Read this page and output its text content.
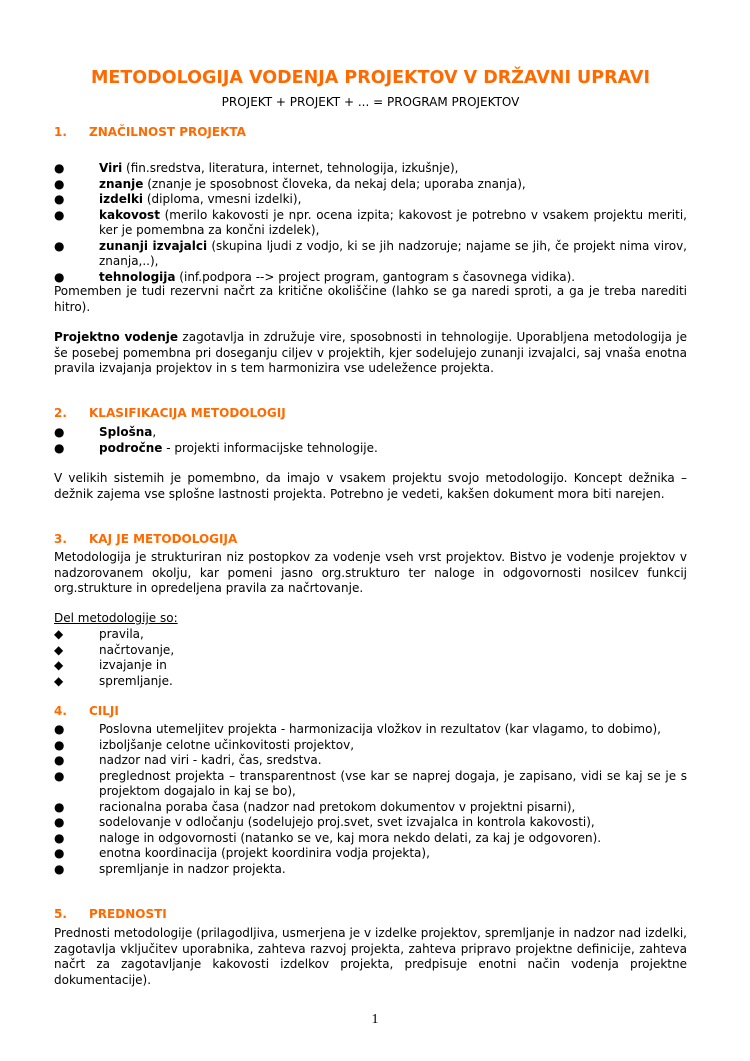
METODOLOGIJA VODENJA PROJEKTOV V DRŽAVNI UPRAVI
PROJEKT + PROJEKT + ... = PROGRAM PROJEKTOV
1. ZNAČILNOST PROJEKTA
●	Viri (fin.sredstva, literatura, internet, tehnologija, izkušnje),
●	znanje (znanje je sposobnost človeka, da nekaj dela; uporaba znanja),
●	izdelki (diploma, vmesni izdelki),
●	kakovost (merilo kakovosti je npr. ocena izpita; kakovost je potrebno v vsakem projektu meriti, ker je pomembna za končni izdelek),
●	zunanji izvajalci (skupina ljudi z vodjo, ki se jih nadzoruje; najame se jih, če projekt nima virov, znanja,..),
●	tehnologija (inf.podpora --> project program, gantogram s časovnega vidika).

Pomemben je tudi rezervni načrt za kritične okoliščine (lahko se ga naredi sproti, a ga je treba narediti hitro).

Projektno vodenje zagotavlja in združuje vire, sposobnosti in tehnologije. Uporabljena metodologija je še posebej pomembna pri doseganju ciljev v projektih, kjer sodelujejo zunanji izvajalci, saj vnaša enotna pravila izvajanja projektov in s tem harmonizira vse udeležence projekta.

2. KLASIFIKACIJA METODOLOGIJ
●	Splošna,
●	področne - projekti informacijske tehnologije.

V velikih sistemih je pomembno, da imajo v vsakem projektu svojo metodologijo. Koncept dežnika – dežnik zajema vse splošne lastnosti projekta. Potrebno je vedeti, kakšen dokument mora biti narejen.

3. KAJ JE METODOLOGIJA

Metodologija je strukturiran niz postopkov za vodenje vseh vrst projektov. Bistvo je vodenje projektov v nadzorovanem okolju, kar pomeni jasno org.strukturo ter naloge in odgovornosti nosilcev funkcij org.strukture in opredeljena pravila za načrtovanje.

Del metodologije so:

◆	pravila,
◆	načrtovanje,
◆	izvajanje in
◆	spremljanje.
4. CILJI
●	Poslovna utemeljitev projekta - harmonizacija vložkov in rezultatov (kar vlagamo, to dobimo),
●	izboljšanje celotne učinkovitosti projektov,
●	nadzor nad viri - kadri, čas, sredstva.
●	preglednost projekta – transparentnost (vse kar se naprej dogaja, je zapisano, vidi se kaj se je s projektom dogajalo in kaj se bo),
●	racionalna poraba časa (nadzor nad pretokom dokumentov v projektni pisarni),
●	sodelovanje v odločanju (sodelujejo proj.svet, svet izvajalca in kontrola kakovosti),
●	naloge in odgovornosti (natanko se ve, kaj mora nekdo delati, za kaj je odgovoren).
●	enotna koordinacija (projekt koordinira vodja projekta),
●	spremljanje in nadzor projekta.
5. PREDNOSTI

Prednosti metodologije (prilagodljiva, usmerjena je v izdelke projektov, spremljanje in nadzor nad izdelki, zagotavlja vključitev uporabnika, zahteva razvoj projekta, zahteva pripravo projektne definicije, zahteva načrt za zagotavljanje kakovosti izdelkov projekta, predpisuje enotni način vodenja projektne dokumentacije).

1
